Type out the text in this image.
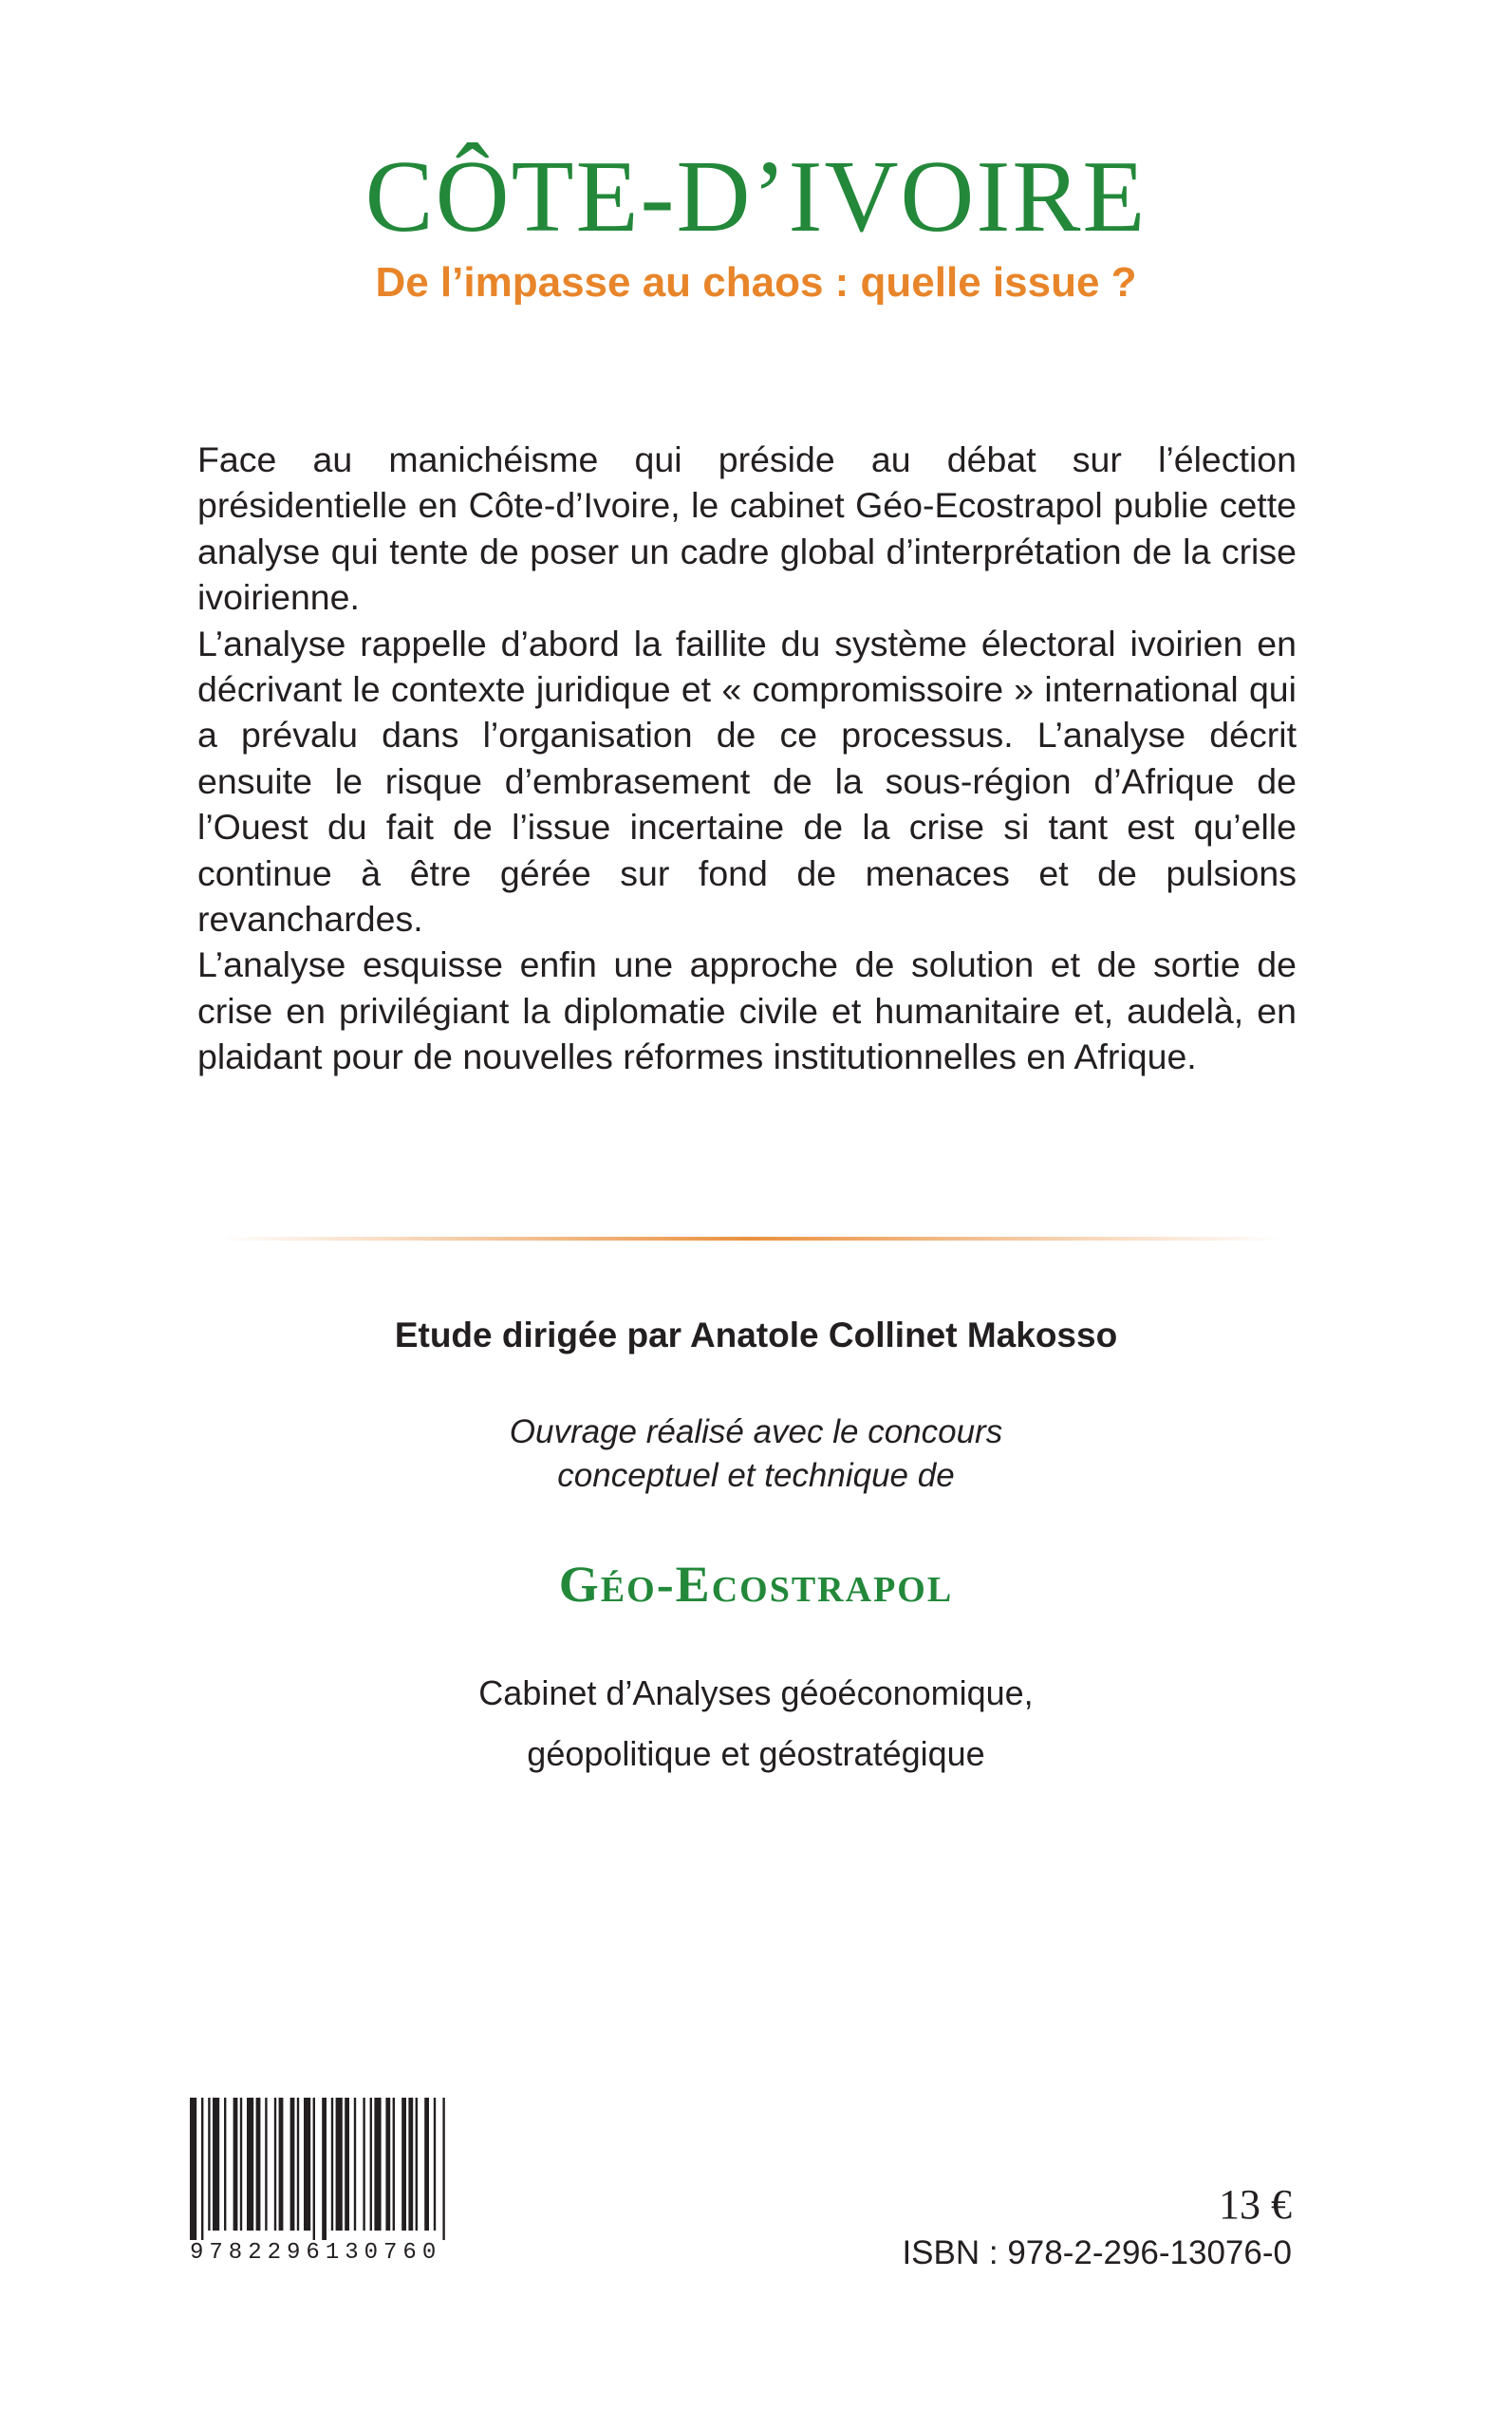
CÔTE-D’IVOIRE
De l’impasse au chaos : quelle issue ?

Face au manichéisme qui préside au débat sur l’élection présidentielle en Côte-d’Ivoire, le cabinet Géo-Ecostrapol publie cette analyse qui tente de poser un cadre global d’interprétation de la crise ivoirienne.

L’analyse rappelle d’abord la faillite du système électoral ivoirien en décrivant le contexte juridique et « compromissoire » international qui a prévalu dans l’organisation de ce processus. L’analyse décrit ensuite le risque d’embrasement de la sous-région d’Afrique de l’Ouest du fait de l’issue incertaine de la crise si tant est qu’elle continue à être gérée sur fond de menaces et de pulsions revanchardes.

L’analyse esquisse enfin une approche de solution et de sortie de crise en privilégiant la diplomatie civile et humanitaire et, audelà, en plaidant pour de nouvelles réformes institutionnelles en Afrique.

Etude dirigée par Anatole Collinet Makosso
Ouvrage réalisé avec le concours
conceptuel et technique de
Géo-Ecostrapol
Cabinet d’Analyses géoéconomique,
géopolitique et géostratégique
9782296130760
13 €
ISBN : 978-2-296-13076-0
